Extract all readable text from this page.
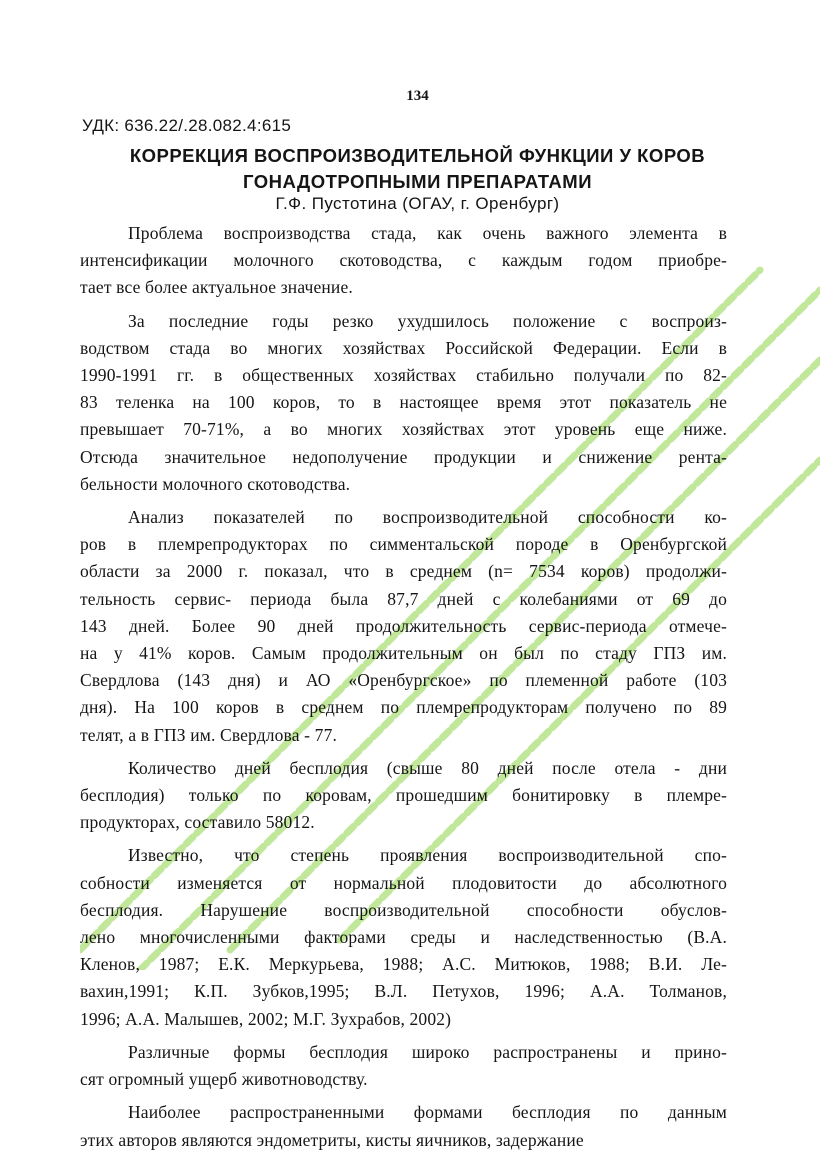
134
УДК: 636.22/.28.082.4:615
КОРРЕКЦИЯ ВОСПРОИЗВОДИТЕЛЬНОЙ ФУНКЦИИ У КОРОВ
ГОНАДОТРОПНЫМИ ПРЕПАРАТАМИ
Г.Ф. Пустотина (ОГАУ, г. Оренбург)

Проблема воспроизводства стада, как очень важного элемента в
интенсификации молочного скотоводства, с каждым годом приобре-
тает все более актуальное значение.

За последние годы резко ухудшилось положение с воспроиз-
водством стада во многих хозяйствах Российской Федерации. Если в
1990-1991 гг. в общественных хозяйствах стабильно получали по 82-
83 теленка на 100 коров, то в настоящее время этот показатель не
превышает 70-71%, а во многих хозяйствах этот уровень еще ниже.
Отсюда значительное недополучение продукции и снижение рента-
бельности молочного скотоводства.

Анализ показателей по воспроизводительной способности ко-
ров в племрепродукторах по симментальской породе в Оренбургской
области за 2000 г. показал, что в среднем (n= 7534 коров) продолжи-
тельность сервис- периода была 87,7 дней с колебаниями от 69 до
143 дней. Более 90 дней продолжительность сервис-периода отмече-
на у 41% коров. Самым продолжительным он был по стаду ГПЗ им.
Свердлова (143 дня) и АО «Оренбургское» по племенной работе (103
дня). На 100 коров в среднем по племрепродукторам получено по 89
телят, а в ГПЗ им. Свердлова - 77.

Количество дней бесплодия (свыше 80 дней после отела - дни
бесплодия) только по коровам, прошедшим бонитировку в племре-
продукторах, составило 58012.

Известно, что степень проявления воспроизводительной спо-
собности изменяется от нормальной плодовитости до абсолютного
бесплодия. Нарушение воспроизводительной способности обуслов-
лено многочисленными факторами среды и наследственностью (В.А.
Кленов, 1987; Е.К. Меркурьева, 1988; А.С. Митюков, 1988; В.И. Ле-
вахин,1991; К.П. Зубков,1995; В.Л. Петухов, 1996; А.А. Толманов,
1996; А.А. Малышев, 2002; М.Г. Зухрабов, 2002)

Различные формы бесплодия широко распространены и прино-
сят огромный ущерб животноводству.

Наиболее распространенными формами бесплодия по данным
этих авторов являются эндометриты, кисты яичников, задержание
